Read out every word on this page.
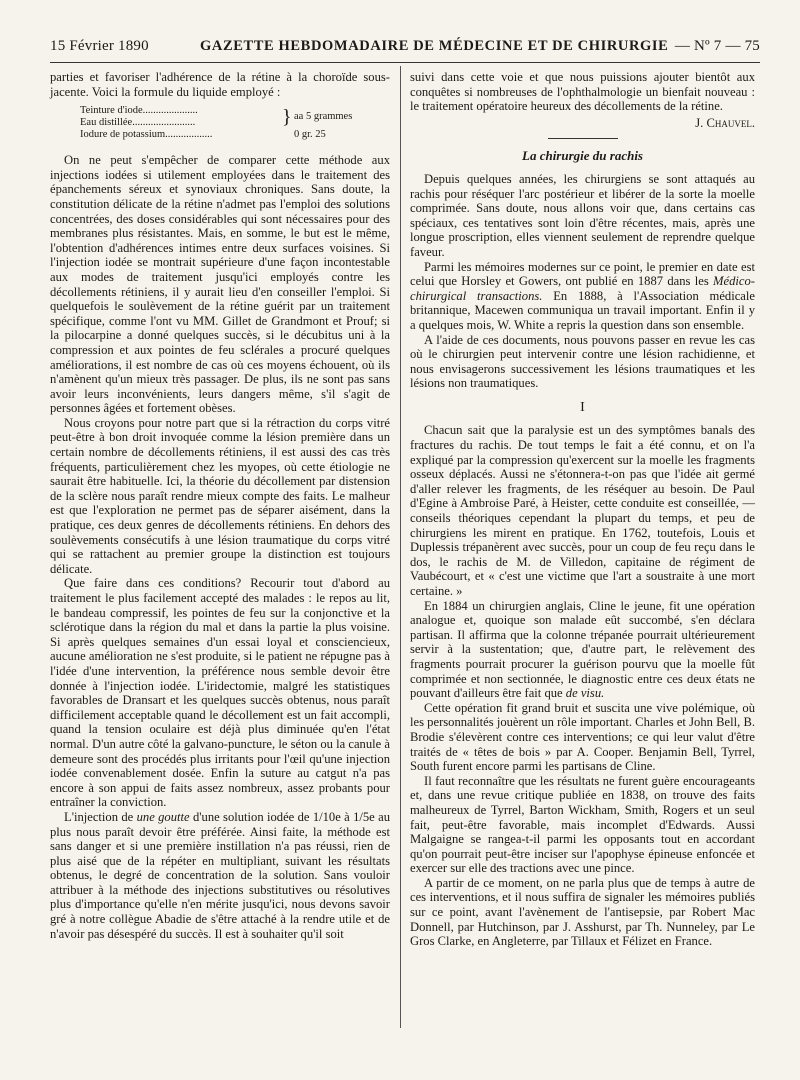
15 Février 1890	GAZETTE HEBDOMADAIRE DE MÉDECINE ET DE CHIRURGIE — Nº 7 — 75

parties et favoriser l'adhérence de la rétine à la choroïde sous-jacente. Voici la formule du liquide employé :

Teinture d'iode.....................
Eau distillée........................
Iodure de potassium..................
} aa 5 grammes
0 gr. 25

On ne peut s'empêcher de comparer cette méthode aux injections iodées si utilement employées dans le traitement des épanchements séreux et synoviaux chroniques. Sans doute, la constitution délicate de la rétine n'admet pas l'emploi des solutions concentrées, des doses considérables qui sont nécessaires pour des membranes plus résistantes. Mais, en somme, le but est le même, l'obtention d'adhérences intimes entre deux surfaces voisines. Si l'injection iodée se montrait supérieure d'une façon incontestable aux modes de traitement jusqu'ici employés contre les décollements rétiniens, il y aurait lieu d'en conseiller l'emploi. Si quelquefois le soulèvement de la rétine guérit par un traitement spécifique, comme l'ont vu MM. Gillet de Grandmont et Prouf; si la pilocarpine a donné quelques succès, si le décubitus uni à la compression et aux pointes de feu sclérales a procuré quelques améliorations, il est nombre de cas où ces moyens échouent, où ils n'amènent qu'un mieux très passager. De plus, ils ne sont pas sans avoir leurs inconvénients, leurs dangers même, s'il s'agit de personnes âgées et fortement obèses.

Nous croyons pour notre part que si la rétraction du corps vitré peut-être à bon droit invoquée comme la lésion première dans un certain nombre de décollements rétiniens, il est aussi des cas très fréquents, particulièrement chez les myopes, où cette étiologie ne saurait être habituelle. Ici, la théorie du décollement par distension de la sclère nous paraît rendre mieux compte des faits. Le malheur est que l'exploration ne permet pas de séparer aisément, dans la pratique, ces deux genres de décollements rétiniens. En dehors des soulèvements consécutifs à une lésion traumatique du corps vitré qui se rattachent au premier groupe la distinction est toujours délicate.

Que faire dans ces conditions? Recourir tout d'abord au traitement le plus facilement accepté des malades : le repos au lit, le bandeau compressif, les pointes de feu sur la conjonctive et la sclérotique dans la région du mal et dans la partie la plus voisine. Si après quelques semaines d'un essai loyal et consciencieux, aucune amélioration ne s'est produite, si le patient ne répugne pas à l'idée d'une intervention, la préférence nous semble devoir être donnée à l'injection iodée. L'iridectomie, malgré les statistiques favorables de Dransart et les quelques succès obtenus, nous paraît difficilement acceptable quand le décollement est un fait accompli, quand la tension oculaire est déjà plus diminuée qu'en l'état normal. D'un autre côté la galvano-puncture, le séton ou la canule à demeure sont des procédés plus irritants pour l'œil qu'une injection iodée convenablement dosée. Enfin la suture au catgut n'a pas encore à son appui de faits assez nombreux, assez probants pour entraîner la conviction.

L'injection de une goutte d'une solution iodée de 1/10e à 1/5e au plus nous paraît devoir être préférée. Ainsi faite, la méthode est sans danger et si une première instillation n'a pas réussi, rien de plus aisé que de la répéter en multipliant, suivant les résultats obtenus, le degré de concentration de la solution. Sans vouloir attribuer à la méthode des injections substitutives ou résolutives plus d'importance qu'elle n'en mérite jusqu'ici, nous devons savoir gré à notre collègue Abadie de s'être attaché à la rendre utile et de n'avoir pas désespéré du succès. Il est à souhaiter qu'il soit

suivi dans cette voie et que nous puissions ajouter bientôt aux conquêtes si nombreuses de l'ophthalmologie un bienfait nouveau : le traitement opératoire heureux des décollements de la rétine.

J. Chauvel.
La chirurgie du rachis

Depuis quelques années, les chirurgiens se sont attaqués au rachis pour réséquer l'arc postérieur et libérer de la sorte la moelle comprimée. Sans doute, nous allons voir que, dans certains cas spéciaux, ces tentatives sont loin d'être récentes, mais, après une longue proscription, elles viennent seulement de reprendre quelque faveur.

Parmi les mémoires modernes sur ce point, le premier en date est celui que Horsley et Gowers, ont publié en 1887 dans les Médico-chirurgical transactions. En 1888, à l'Association médicale britannique, Macewen communiqua un travail important. Enfin il y a quelques mois, W. White a repris la question dans son ensemble.

A l'aide de ces documents, nous pouvons passer en revue les cas où le chirurgien peut intervenir contre une lésion rachidienne, et nous envisagerons successivement les lésions traumatiques et les lésions non traumatiques.

I

Chacun sait que la paralysie est un des symptômes banals des fractures du rachis. De tout temps le fait a été connu, et on l'a expliqué par la compression qu'exercent sur la moelle les fragments osseux déplacés. Aussi ne s'étonnera-t-on pas que l'idée ait germé d'aller relever les fragments, de les réséquer au besoin. De Paul d'Egine à Ambroise Paré, à Heister, cette conduite est conseillée, — conseils théoriques cependant la plupart du temps, et peu de chirurgiens les mirent en pratique. En 1762, toutefois, Louis et Duplessis trépanèrent avec succès, pour un coup de feu reçu dans le dos, le rachis de M. de Villedon, capitaine de régiment de Vaubécourt, et « c'est une victime que l'art a soustraite à une mort certaine. »

En 1884 un chirurgien anglais, Cline le jeune, fit une opération analogue et, quoique son malade eût succombé, s'en déclara partisan. Il affirma que la colonne trépanée pourrait ultérieurement servir à la sustentation; que, d'autre part, le relèvement des fragments pourrait procurer la guérison pourvu que la moelle fût comprimée et non sectionnée, le diagnostic entre ces deux états ne pouvant d'ailleurs être fait que de visu.

Cette opération fit grand bruit et suscita une vive polémique, où les personnalités jouèrent un rôle important. Charles et John Bell, B. Brodie s'élevèrent contre ces interventions; ce qui leur valut d'être traités de « têtes de bois » par A. Cooper. Benjamin Bell, Tyrrel, South furent encore parmi les partisans de Cline.

Il faut reconnaître que les résultats ne furent guère encourageants et, dans une revue critique publiée en 1838, on trouve des faits malheureux de Tyrrel, Barton Wickham, Smith, Rogers et un seul fait, peut-être favorable, mais incomplet d'Edwards. Aussi Malgaigne se rangea-t-il parmi les opposants tout en accordant qu'on pourrait peut-être inciser sur l'apophyse épineuse enfoncée et exercer sur elle des tractions avec une pince.

A partir de ce moment, on ne parla plus que de temps à autre de ces interventions, et il nous suffira de signaler les mémoires publiés sur ce point, avant l'avènement de l'antisepsie, par Robert Mac Donnell, par Hutchinson, par J. Asshurst, par Th. Nunneley, par Le Gros Clarke, en Angleterre, par Tillaux et Félizet en France.
